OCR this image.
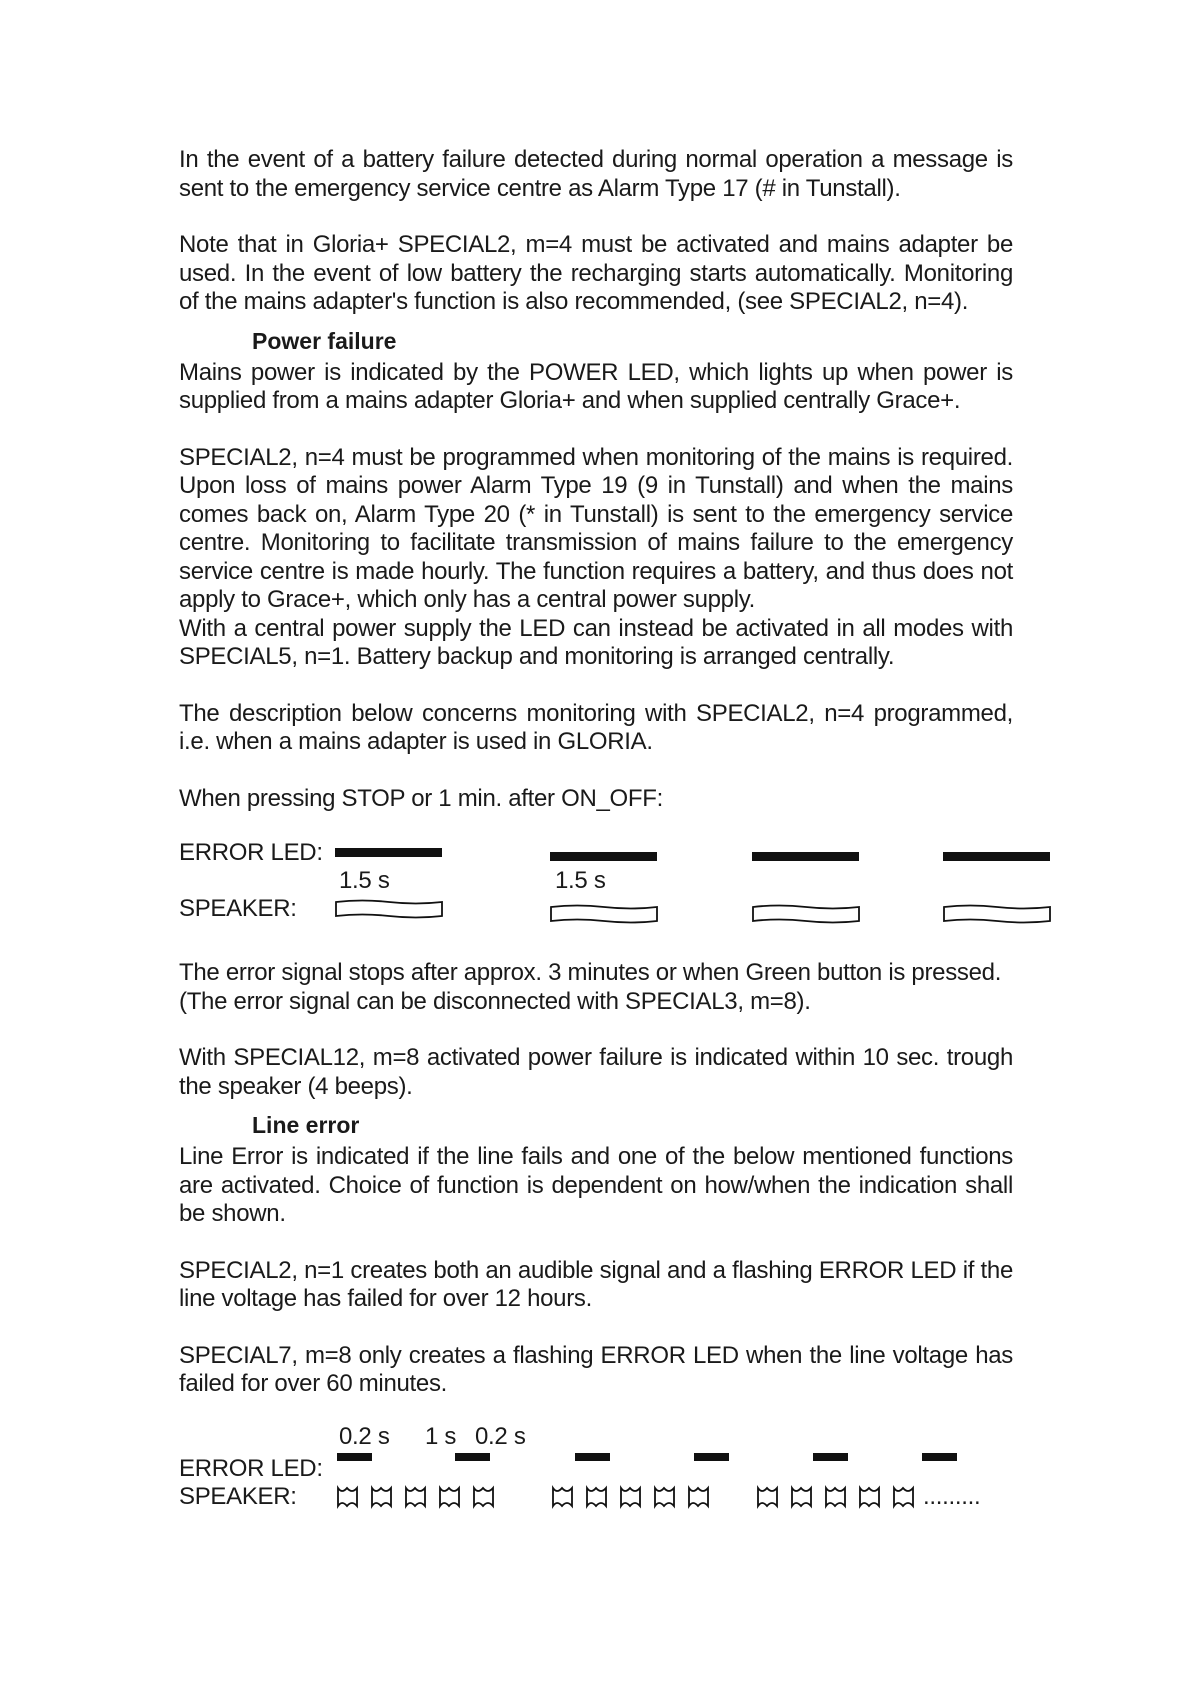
In the event of a battery failure detected during normal operation a message is sent to the emergency service centre as Alarm Type 17 (# in Tunstall).

Note that in Gloria+ SPECIAL2, m=4 must be activated and mains adapter be used. In the event of low battery the recharging starts automatically. Monitoring of the mains adapter's function is also recommended, (see SPECIAL2, n=4).

Power failure

Mains power is indicated by the POWER LED, which lights up when power is supplied from a mains adapter Gloria+ and when supplied centrally Grace+.

SPECIAL2, n=4 must be programmed when monitoring of the mains is required. Upon loss of mains power Alarm Type 19 (9 in Tunstall) and when the mains comes back on, Alarm Type 20 (* in Tunstall) is sent to the emergency service centre. Monitoring to facilitate transmission of mains failure to the emergency service centre is made hourly. The function requires a battery, and thus does not apply to Grace+, which only has a central power supply.

With a central power supply the LED can instead be activated in all modes with SPECIAL5, n=1. Battery backup and monitoring is arranged centrally.

The description below concerns monitoring with SPECIAL2, n=4 programmed, i.e. when a mains adapter is used in GLORIA.

When pressing STOP or 1 min. after ON_OFF:

ERROR LED:
1.5 s	1.5 s
SPEAKER:

The error signal stops after approx. 3 minutes or when Green button is pressed. (The error signal can be disconnected with SPECIAL3, m=8).

With SPECIAL12, m=8 activated power failure is indicated within 10 sec. trough the speaker (4 beeps).

Line error

Line Error is indicated if the line fails and one of the below mentioned functions are activated. Choice of function is dependent on how/when the indication shall be shown.

SPECIAL2, n=1 creates both an audible signal and a flashing ERROR LED if the line voltage has failed for over 12 hours.

SPECIAL7, m=8 only creates a flashing ERROR LED when the line voltage has failed for over 60 minutes.

0.2 s 1 s 0.2 s
ERROR LED:
SPEAKER:	.........
